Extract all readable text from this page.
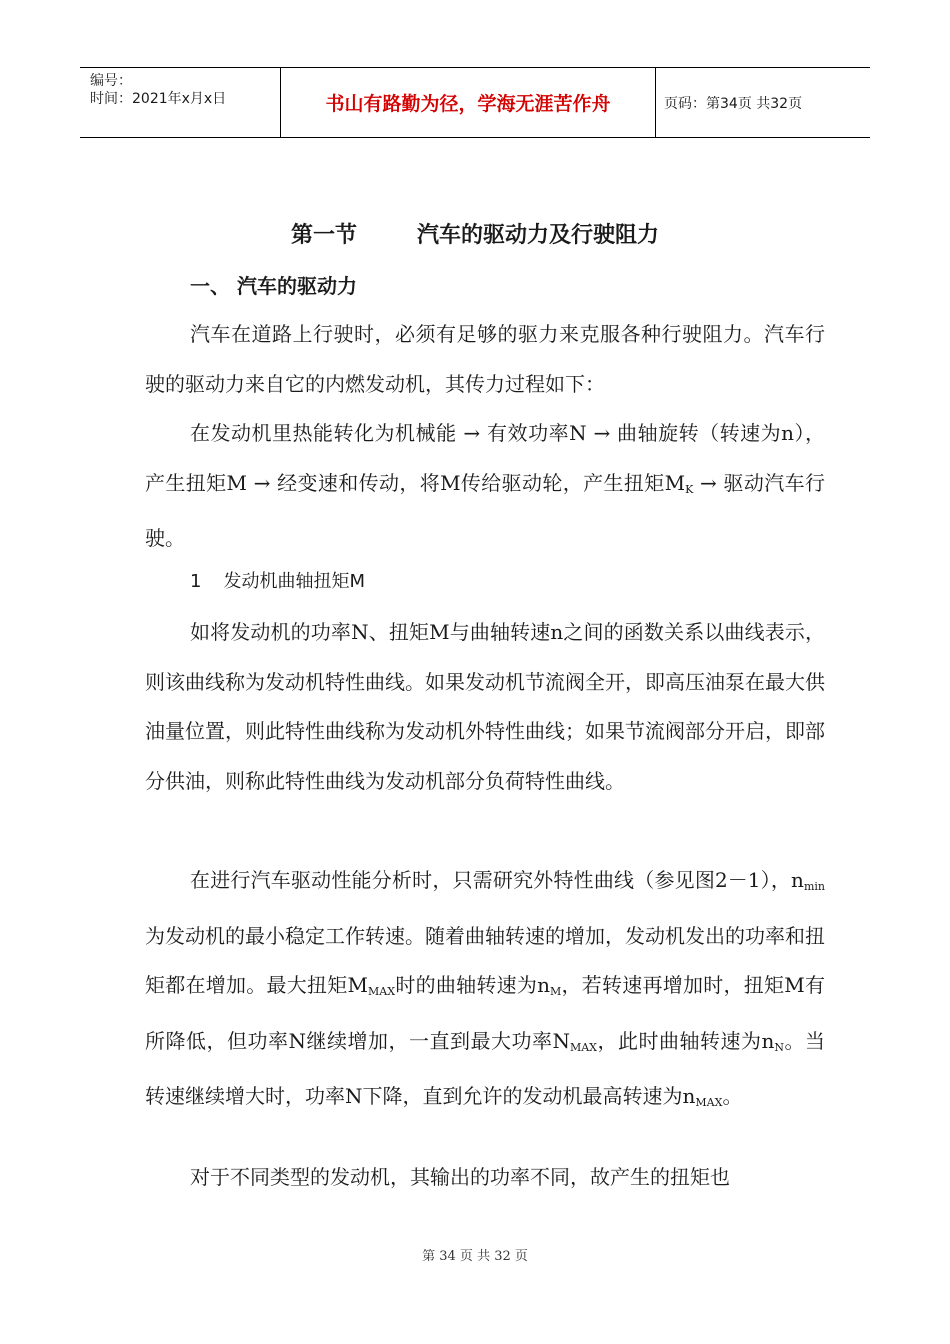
编号：
时间：2021年x月x日	书山有路勤为径，学海无涯苦作舟	页码：第34页 共32页
第一节	汽车的驱动力及行驶阻力
一、 汽车的驱动力

汽车在道路上行驶时，必须有足够的驱力来克服各种行驶阻力。汽车行驶的驱动力来自它的内燃发动机，其传力过程如下：

在发动机里热能转化为机械能 → 有效功率N → 曲轴旋转（转速为n），产生扭矩M → 经变速和传动，将M传给驱动轮，产生扭矩$M_K$ → 驱动汽车行驶。

1 发动机曲轴扭矩M

如将发动机的功率N、扭矩M与曲轴转速n之间的函数关系以曲线表示，则该曲线称为发动机特性曲线。如果发动机节流阀全开，即高压油泵在最大供油量位置，则此特性曲线称为发动机外特性曲线；如果节流阀部分开启，即部分供油，则称此特性曲线为发动机部分负荷特性曲线。

在进行汽车驱动性能分析时，只需研究外特性曲线（参见图2－1），$n_{min}$为发动机的最小稳定工作转速。随着曲轴转速的增加，发动机发出的功率和扭矩都在增加。最大扭矩$M_{MAX}$时的曲轴转速为$n_M$，若转速再增加时，扭矩M有所降低，但功率N继续增加，一直到最大功率$N_{MAX}$，此时曲轴转速为$n_N$。当转速继续增大时，功率N下降，直到允许的发动机最高转速为$n_{MAX}$。

对于不同类型的发动机，其输出的功率不同，故产生的扭矩也

第 34 页 共 32 页
